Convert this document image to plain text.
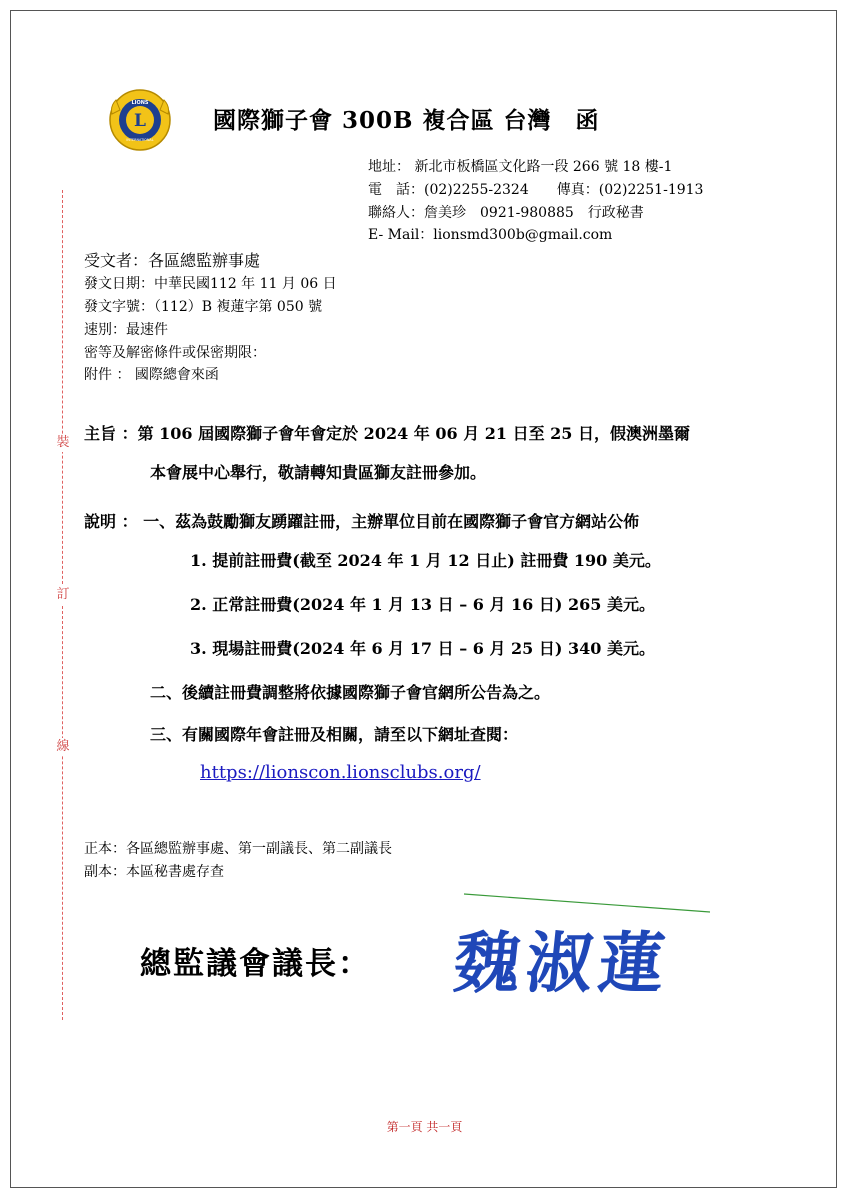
裝
訂
線
L
LIONS
INTERNATIONAL
國際獅子會 300B 複合區 台灣　函
地址： 新北市板橋區文化路一段 266 號 18 樓-1
電　話：(02)2255-2324　　傳真：(02)2251-1913
聯絡人：詹美珍　0921-980885　行政秘書
E- Mail：lionsmd300b@gmail.com
受文者：各區總監辦事處
發文日期：中華民國112 年 11 月 06 日
發文字號：（112）B 複蓮字第 050 號
速別：最速件
密等及解密條件或保密期限：
附件 ： 國際總會來函
主旨 ：第 106 屆國際獅子會年會定於 2024 年 06 月 21 日至 25 日，假澳洲墨爾
本會展中心舉行，敬請轉知貴區獅友註冊參加。
說明 ： 一、茲為鼓勵獅友踴躍註冊，主辦單位目前在國際獅子會官方網站公佈
1. 提前註冊費(截至 2024 年 1 月 12 日止) 註冊費 190 美元。
2. 正常註冊費(2024 年 1 月 13 日 – 6 月 16 日) 265 美元。
3. 現場註冊費(2024 年 6 月 17 日 – 6 月 25 日) 340 美元。
二、後續註冊費調整將依據國際獅子會官網所公告為之。
三、有關國際年會註冊及相關，請至以下網址查閱：
https://lionscon.lionsclubs.org/
正本：各區總監辦事處、第一副議長、第二副議長
副本：本區秘書處存查
總監議會議長： 魏淑蓮
第一頁 共一頁
